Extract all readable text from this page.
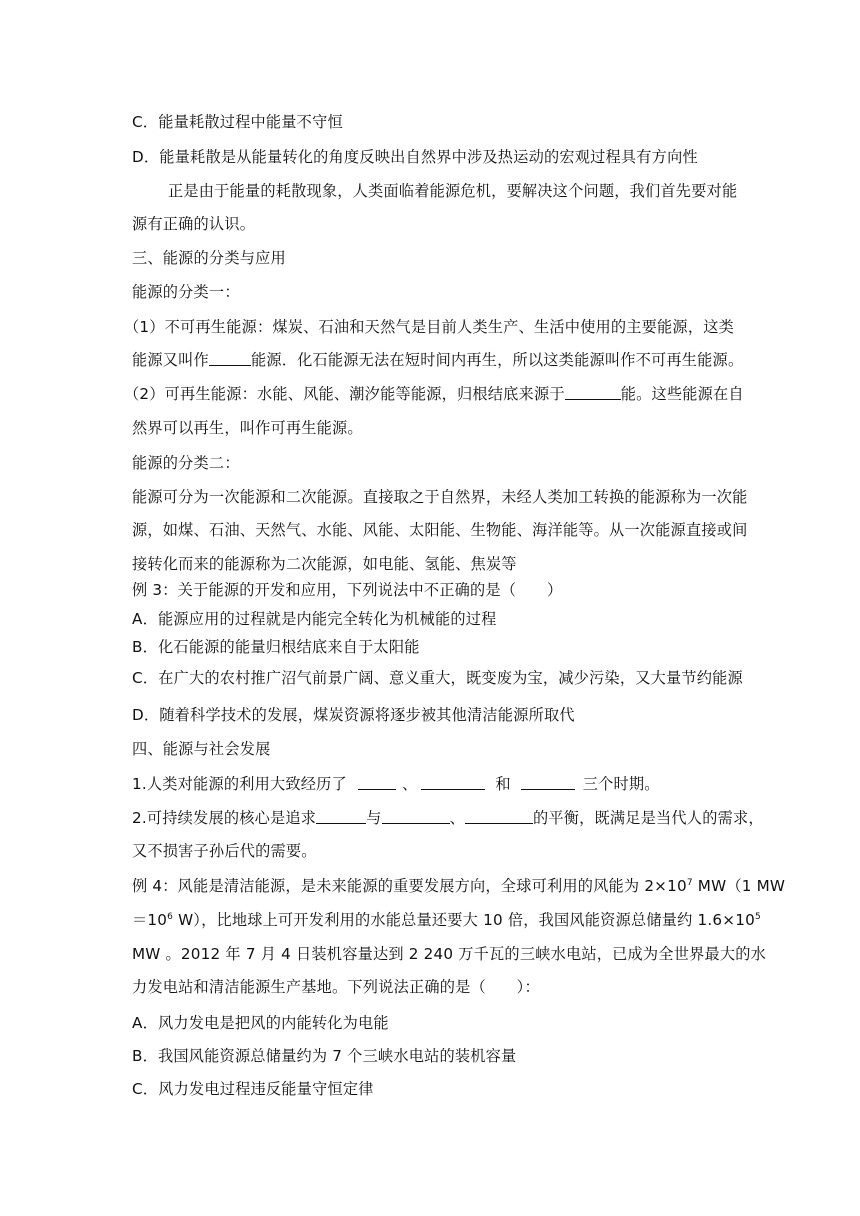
C．能量耗散过程中能量不守恒
D．能量耗散是从能量转化的角度反映出自然界中涉及热运动的宏观过程具有方向性
正是由于能量的耗散现象，人类面临着能源危机，要解决这个问题，我们首先要对能
源有正确的认识。
三、能源的分类与应用
能源的分类一：
（1）不可再生能源：煤炭、石油和天然气是目前人类生产、生活中使用的主要能源，这类
能源又叫作	能源．化石能源无法在短时间内再生，所以这类能源叫作不可再生能源。
（2）可再生能源：水能、风能、潮汐能等能源，归根结底来源于	能。这些能源在自
然界可以再生，叫作可再生能源。
能源的分类二：
能源可分为一次能源和二次能源。直接取之于自然界，未经人类加工转换的能源称为一次能
源，如煤、石油、天然气、水能、风能、太阳能、生物能、海洋能等。从一次能源直接或间
接转化而来的能源称为二次能源，如电能、氢能、焦炭等
例 3：关于能源的开发和应用，下列说法中不正确的是（　　）
A．能源应用的过程就是内能完全转化为机械能的过程
B．化石能源的能量归根结底来自于太阳能
C．在广大的农村推广沼气前景广阔、意义重大，既变废为宝，减少污染，又大量节约能源
D．随着科学技术的发展，煤炭资源将逐步被其他清洁能源所取代
四、能源与社会发展
1.人类对能源的利用大致经历了	、	和	三个时期。
2.可持续发展的核心是追求	与	、	的平衡，既满足是当代人的需求，
又不损害子孙后代的需要。
例 4：风能是清洁能源，是未来能源的重要发展方向，全球可利用的风能为 $2\times 10^7$ MW（1 MW
$=10^6$ W），比地球上可开发利用的水能总量还要大 10 倍，我国风能资源总储量约 $1.6\times 10^5$
MW 。2012 年 7 月 4 日装机容量达到 2 240 万千瓦的三峡水电站，已成为全世界最大的水
力发电站和清洁能源生产基地。下列说法正确的是（　　）：
A．风力发电是把风的内能转化为电能
B．我国风能资源总储量约为 7 个三峡水电站的装机容量
C．风力发电过程违反能量守恒定律
